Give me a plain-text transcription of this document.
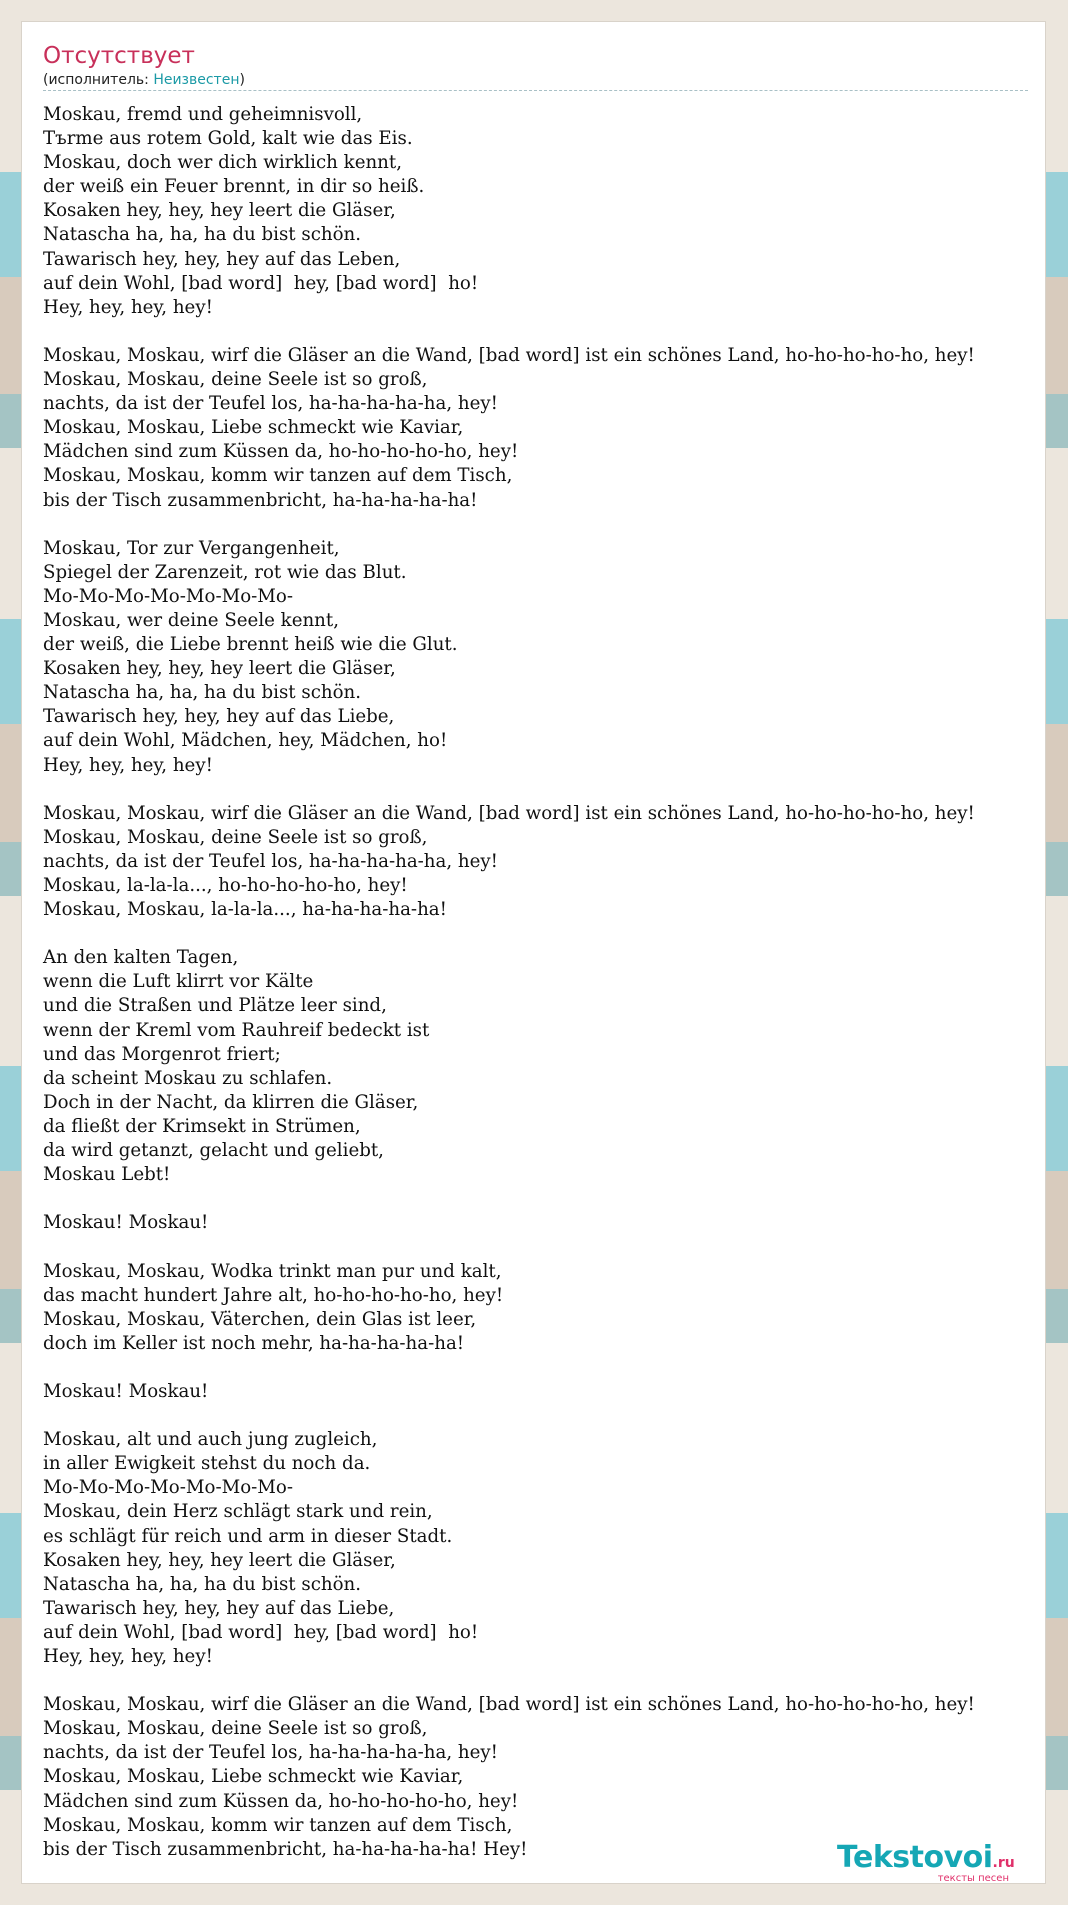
Отсутствует
(исполнитель: Неизвестен)
Moskau, fremd und geheimnisvoll,
Tъrme aus rotem Gold, kalt wie das Eis.
Moskau, doch wer dich wirklich kennt,
der weiß ein Feuer brennt, in dir so heiß.
Kosaken hey, hey, hey leert die Gläser,
Natascha ha, ha, ha du bist schön.
Tawarisch hey, hey, hey auf das Leben,
auf dein Wohl, [bad word]  hey, [bad word]  ho!
Hey, hey, hey, hey!

Moskau, Moskau, wirf die Gläser an die Wand, [bad word] ist ein schönes Land, ho-ho-ho-ho-ho, hey!
Moskau, Moskau, deine Seele ist so groß,
nachts, da ist der Teufel los, ha-ha-ha-ha-ha, hey!
Moskau, Moskau, Liebe schmeckt wie Kaviar,
Mädchen sind zum Küssen da, ho-ho-ho-ho-ho, hey!
Moskau, Moskau, komm wir tanzen auf dem Tisch,
bis der Tisch zusammenbricht, ha-ha-ha-ha-ha!

Moskau, Tor zur Vergangenheit,
Spiegel der Zarenzeit, rot wie das Blut.
Mo-Mo-Mo-Mo-Mo-Mo-Mo-
Moskau, wer deine Seele kennt,
der weiß, die Liebe brennt heiß wie die Glut.
Kosaken hey, hey, hey leert die Gläser,
Natascha ha, ha, ha du bist schön.
Tawarisch hey, hey, hey auf das Liebe,
auf dein Wohl, Mädchen, hey, Mädchen, ho!
Hey, hey, hey, hey!

Moskau, Moskau, wirf die Gläser an die Wand, [bad word] ist ein schönes Land, ho-ho-ho-ho-ho, hey!
Moskau, Moskau, deine Seele ist so groß,
nachts, da ist der Teufel los, ha-ha-ha-ha-ha, hey!
Moskau, la-la-la..., ho-ho-ho-ho-ho, hey!
Moskau, Moskau, la-la-la..., ha-ha-ha-ha-ha!

An den kalten Tagen,
wenn die Luft klirrt vor Kälte
und die Straßen und Plätze leer sind,
wenn der Kreml vom Rauhreif bedeckt ist
und das Morgenrot friert;
da scheint Moskau zu schlafen.
Doch in der Nacht, da klirren die Gläser,
da fließt der Krimsekt in Strümen,
da wird getanzt, gelacht und geliebt,
Moskau Lebt!

Moskau! Moskau!

Moskau, Moskau, Wodka trinkt man pur und kalt,
das macht hundert Jahre alt, ho-ho-ho-ho-ho, hey!
Moskau, Moskau, Väterchen, dein Glas ist leer,
doch im Keller ist noch mehr, ha-ha-ha-ha-ha!

Moskau! Moskau!

Moskau, alt und auch jung zugleich,
in aller Ewigkeit stehst du noch da.
Mo-Mo-Mo-Mo-Mo-Mo-Mo-
Moskau, dein Herz schlägt stark und rein,
es schlägt für reich und arm in dieser Stadt.
Kosaken hey, hey, hey leert die Gläser,
Natascha ha, ha, ha du bist schön.
Tawarisch hey, hey, hey auf das Liebe,
auf dein Wohl, [bad word]  hey, [bad word]  ho!
Hey, hey, hey, hey!

Moskau, Moskau, wirf die Gläser an die Wand, [bad word] ist ein schönes Land, ho-ho-ho-ho-ho, hey!
Moskau, Moskau, deine Seele ist so groß,
nachts, da ist der Teufel los, ha-ha-ha-ha-ha, hey!
Moskau, Moskau, Liebe schmeckt wie Kaviar,
Mädchen sind zum Küssen da, ho-ho-ho-ho-ho, hey!
Moskau, Moskau, komm wir tanzen auf dem Tisch,
bis der Tisch zusammenbricht, ha-ha-ha-ha-ha! Hey!	Tekstovoi.ru
тексты песен
